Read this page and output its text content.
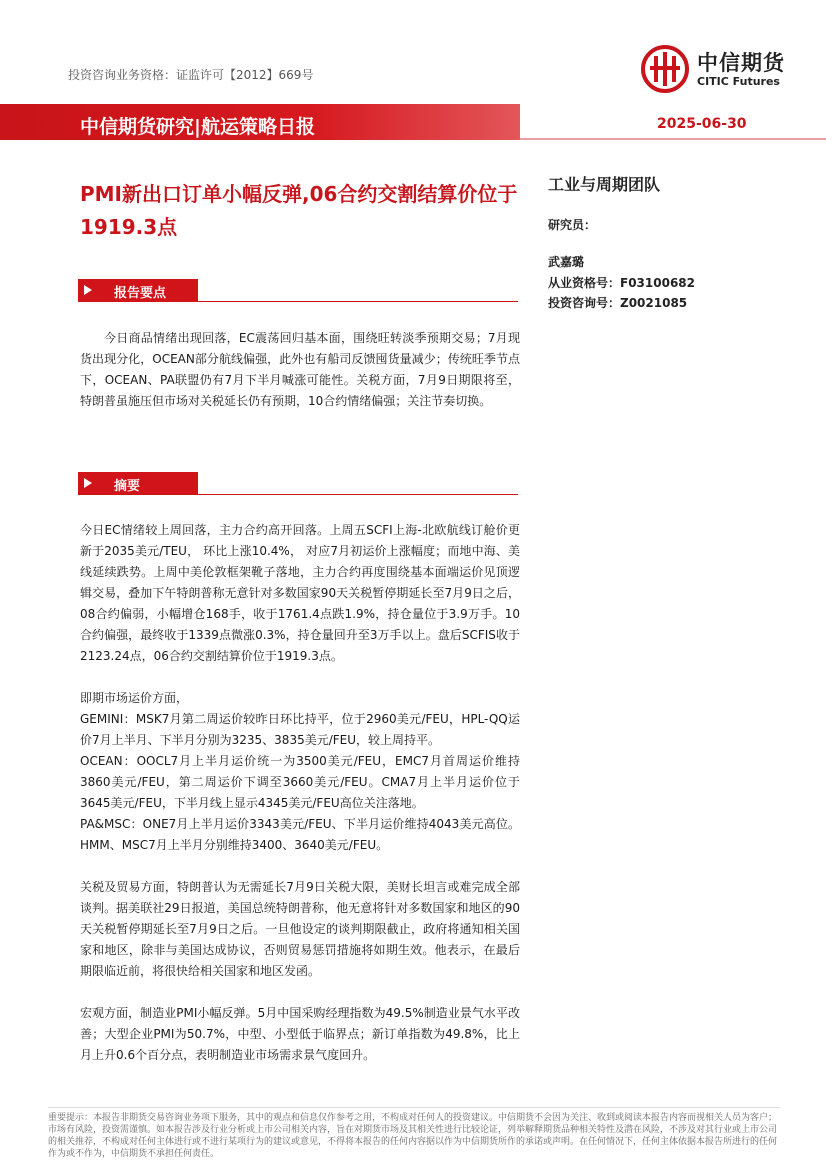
投资咨询业务资格：证监许可【2012】669号	中信期货
CITIC Futures
中信期货研究|航运策略日报	2025-06-30
PMI新出口订单小幅反弹,06合约交割结算价位于1919.3点
工业与周期团队
研究员：
武嘉璐
从业资格号：F03100682
投资咨询号：Z0021085
报告要点
今日商品情绪出现回落，EC震荡回归基本面，围绕旺转淡季预期交易；7月现货出现分化，OCEAN部分航线偏强，此外也有船司反馈囤货量减少；传统旺季节点下，OCEAN、PA联盟仍有7月下半月喊涨可能性。关税方面，7月9日期限将至，特朗普虽施压但市场对关税延长仍有预期，10合约情绪偏强；关注节奏切换。
摘要

今日EC情绪较上周回落，主力合约高开回落。上周五SCFI上海-北欧航线订舱价更新于2035美元/TEU， 环比上涨10.4%， 对应7月初运价上涨幅度；而地中海、美线延续跌势。上周中美伦敦框架靴子落地，主力合约再度围绕基本面端运价见顶逻辑交易，叠加下午特朗普称无意针对多数国家90天关税暂停期延长至7月9日之后，08合约偏弱，小幅增仓168手，收于1761.4点跌1.9%，持仓量位于3.9万手。10合约偏强，最终收于1339点微涨0.3%，持仓量回升至3万手以上。盘后SCFIS收于2123.24点，06合约交割结算价位于1919.3点。

即期市场运价方面，

GEMINI：MSK7月第二周运价较昨日环比持平，位于2960美元/FEU，HPL-QQ运价7月上半月、下半月分别为3235、3835美元/FEU，较上周持平。

OCEAN：OOCL7月上半月运价统一为3500美元/FEU，EMC7月首周运价维持3860美元/FEU，第二周运价下调至3660美元/FEU。CMA7月上半月运价位于3645美元/FEU，下半月线上显示4345美元/FEU高位关注落地。

PA&MSC：ONE7月上半月运价3343美元/FEU、下半月运价维持4043美元高位。HMM、MSC7月上半月分别维持3400、3640美元/FEU。

关税及贸易方面，特朗普认为无需延长7月9日关税大限，美财长坦言或难完成全部谈判。据美联社29日报道，美国总统特朗普称，他无意将针对多数国家和地区的90天关税暂停期延长至7月9日之后。一旦他设定的谈判期限截止，政府将通知相关国家和地区，除非与美国达成协议，否则贸易惩罚措施将如期生效。他表示，在最后期限临近前，将很快给相关国家和地区发函。

宏观方面，制造业PMI小幅反弹。5月中国采购经理指数为49.5%制造业景气水平改善；大型企业PMI为50.7%，中型、小型低于临界点；新订单指数为49.8%，比上月上升0.6个百分点，表明制造业市场需求景气度回升。

重要提示：本报告非期货交易咨询业务项下服务，其中的观点和信息仅作参考之用，不构成对任何人的投资建议。中信期货不会因为关注、收到或阅读本报告内容而视相关人员为客户；市场有风险，投资需谨慎。如本报告涉及行业分析或上市公司相关内容，旨在对期货市场及其相关性进行比较论证，列举解释期货品种相关特性及潜在风险，不涉及对其行业或上市公司的相关推荐，不构成对任何主体进行或不进行某项行为的建议或意见，不得将本报告的任何内容据以作为中信期货所作的承诺或声明。在任何情况下，任何主体依据本报告所进行的任何作为或不作为，中信期货不承担任何责任。
